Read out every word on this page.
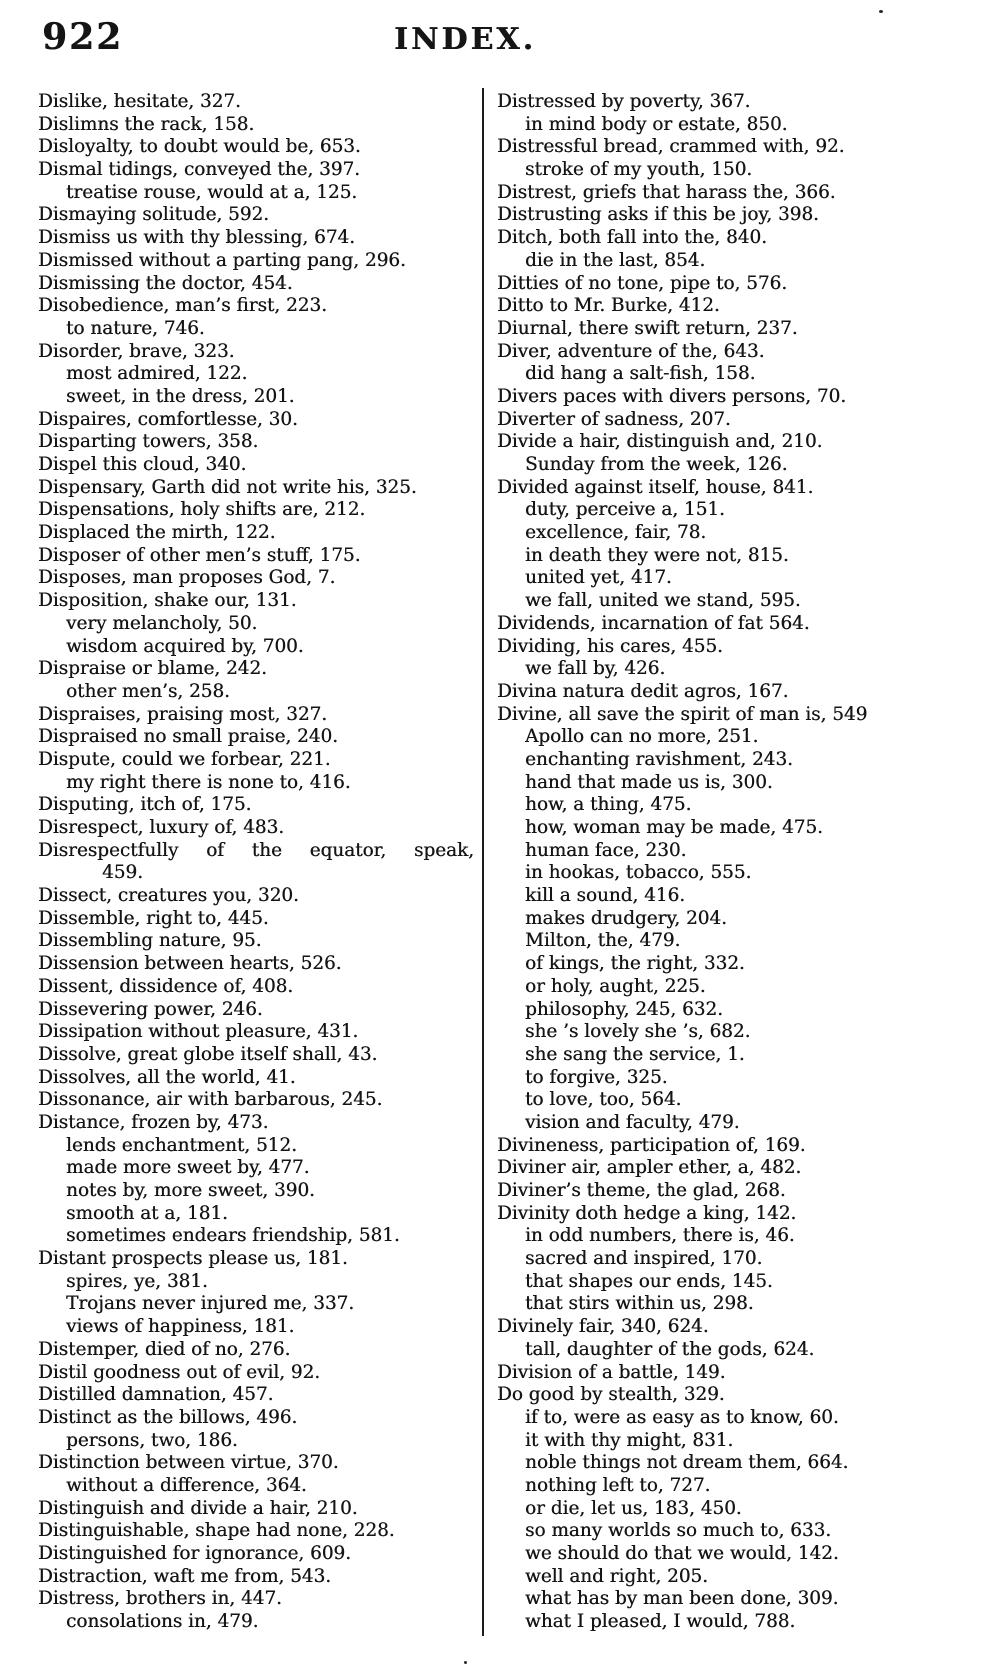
922	INDEX.
Dislike, hesitate, 327.
Dislimns the rack, 158.
Disloyalty, to doubt would be, 653.
Dismal tidings, conveyed the, 397.
treatise rouse, would at a, 125.
Dismaying solitude, 592.
Dismiss us with thy blessing, 674.
Dismissed without a parting pang, 296.
Dismissing the doctor, 454.
Disobedience, man’s first, 223.
to nature, 746.
Disorder, brave, 323.
most admired, 122.
sweet, in the dress, 201.
Dispaires, comfortlesse, 30.
Disparting towers, 358.
Dispel this cloud, 340.
Dispensary, Garth did not write his, 325.
Dispensations, holy shifts are, 212.
Displaced the mirth, 122.
Disposer of other men’s stuff, 175.
Disposes, man proposes God, 7.
Disposition, shake our, 131.
very melancholy, 50.
wisdom acquired by, 700.
Dispraise or blame, 242.
other men’s, 258.
Dispraises, praising most, 327.
Dispraised no small praise, 240.
Dispute, could we forbear, 221.
my right there is none to, 416.
Disputing, itch of, 175.
Disrespect, luxury of, 483.
Disrespectfully of the equator, speak,
459.
Dissect, creatures you, 320.
Dissemble, right to, 445.
Dissembling nature, 95.
Dissension between hearts, 526.
Dissent, dissidence of, 408.
Dissevering power, 246.
Dissipation without pleasure, 431.
Dissolve, great globe itself shall, 43.
Dissolves, all the world, 41.
Dissonance, air with barbarous, 245.
Distance, frozen by, 473.
lends enchantment, 512.
made more sweet by, 477.
notes by, more sweet, 390.
smooth at a, 181.
sometimes endears friendship, 581.
Distant prospects please us, 181.
spires, ye, 381.
Trojans never injured me, 337.
views of happiness, 181.
Distemper, died of no, 276.
Distil goodness out of evil, 92.
Distilled damnation, 457.
Distinct as the billows, 496.
persons, two, 186.
Distinction between virtue, 370.
without a difference, 364.
Distinguish and divide a hair, 210.
Distinguishable, shape had none, 228.
Distinguished for ignorance, 609.
Distraction, waft me from, 543.
Distress, brothers in, 447.
consolations in, 479.
Distressed by poverty, 367.
in mind body or estate, 850.
Distressful bread, crammed with, 92.
stroke of my youth, 150.
Distrest, griefs that harass the, 366.
Distrusting asks if this be joy, 398.
Ditch, both fall into the, 840.
die in the last, 854.
Ditties of no tone, pipe to, 576.
Ditto to Mr. Burke, 412.
Diurnal, there swift return, 237.
Diver, adventure of the, 643.
did hang a salt-fish, 158.
Divers paces with divers persons, 70.
Diverter of sadness, 207.
Divide a hair, distinguish and, 210.
Sunday from the week, 126.
Divided against itself, house, 841.
duty, perceive a, 151.
excellence, fair, 78.
in death they were not, 815.
united yet, 417.
we fall, united we stand, 595.
Dividends, incarnation of fat 564.
Dividing, his cares, 455.
we fall by, 426.
Divina natura dedit agros, 167.
Divine, all save the spirit of man is, 549
Apollo can no more, 251.
enchanting ravishment, 243.
hand that made us is, 300.
how, a thing, 475.
how, woman may be made, 475.
human face, 230.
in hookas, tobacco, 555.
kill a sound, 416.
makes drudgery, 204.
Milton, the, 479.
of kings, the right, 332.
or holy, aught, 225.
philosophy, 245, 632.
she ’s lovely she ’s, 682.
she sang the service, 1.
to forgive, 325.
to love, too, 564.
vision and faculty, 479.
Divineness, participation of, 169.
Diviner air, ampler ether, a, 482.
Diviner’s theme, the glad, 268.
Divinity doth hedge a king, 142.
in odd numbers, there is, 46.
sacred and inspired, 170.
that shapes our ends, 145.
that stirs within us, 298.
Divinely fair, 340, 624.
tall, daughter of the gods, 624.
Division of a battle, 149.
Do good by stealth, 329.
if to, were as easy as to know, 60.
it with thy might, 831.
noble things not dream them, 664.
nothing left to, 727.
or die, let us, 183, 450.
so many worlds so much to, 633.
we should do that we would, 142.
well and right, 205.
what has by man been done, 309.
what I pleased, I would, 788.
